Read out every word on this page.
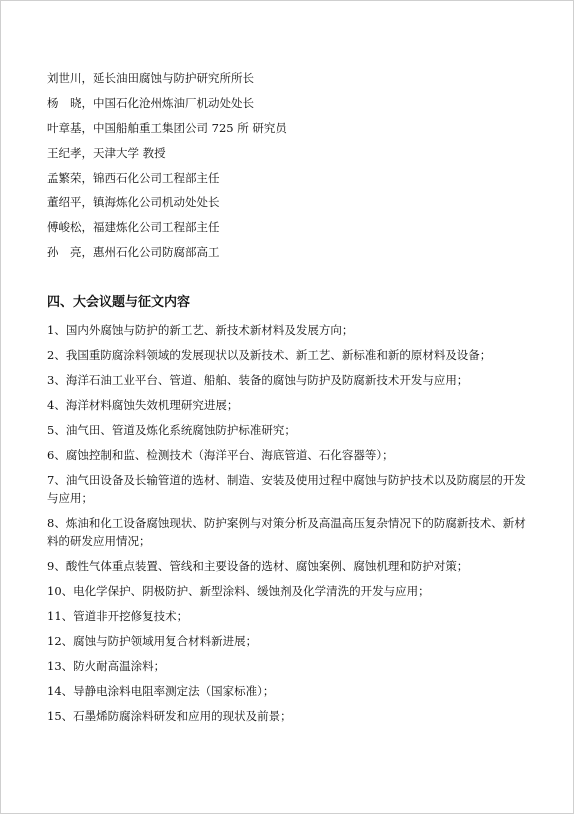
刘世川，延长油田腐蚀与防护研究所所长
杨　晓，中国石化沧州炼油厂机动处处长
叶章基，中国船舶重工集团公司 725 所 研究员
王纪孝，天津大学 教授
孟繁荣，锦西石化公司工程部主任
董绍平，镇海炼化公司机动处处长
傅峻松，福建炼化公司工程部主任
孙　亮，惠州石化公司防腐部高工
四、大会议题与征文内容

1、国内外腐蚀与防护的新工艺、新技术新材料及发展方向；

2、我国重防腐涂料领域的发展现状以及新技术、新工艺、新标准和新的原材料及设备；

3、海洋石油工业平台、管道、船舶、装备的腐蚀与防护及防腐新技术开发与应用；

4、海洋材料腐蚀失效机理研究进展；

5、油气田、管道及炼化系统腐蚀防护标准研究；

6、腐蚀控制和监、检测技术（海洋平台、海底管道、石化容器等）；

7、油气田设备及长输管道的选材、制造、安装及使用过程中腐蚀与防护技术以及防腐层的开发与应用；

8、炼油和化工设备腐蚀现状、防护案例与对策分析及高温高压复杂情况下的防腐新技术、新材料的研发应用情况；

9、酸性气体重点装置、管线和主要设备的选材、腐蚀案例、腐蚀机理和防护对策；

10、电化学保护、阴极防护、新型涂料、缓蚀剂及化学清洗的开发与应用；

11、管道非开挖修复技术；

12、腐蚀与防护领域用复合材料新进展；

13、防火耐高温涂料；

14、导静电涂料电阻率测定法（国家标准）；

15、石墨烯防腐涂料研发和应用的现状及前景；
